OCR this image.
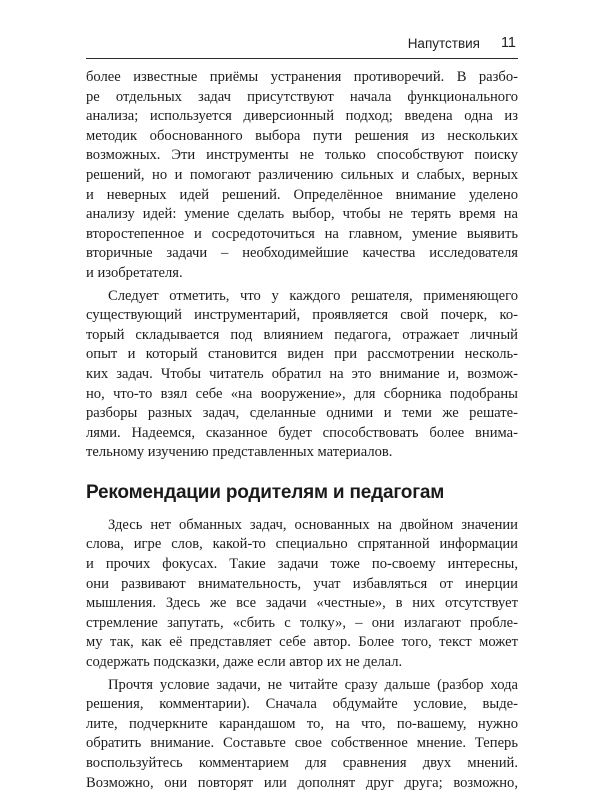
Напутствия 11
более известные приёмы устранения противоречий. В разбо-
ре отдельных задач присутствуют начала функционального
анализа; используется диверсионный подход; введена одна из
методик обоснованного выбора пути решения из нескольких
возможных. Эти инструменты не только способствуют поиску
решений, но и помогают различению сильных и слабых, верных
и неверных идей решений. Определённое внимание уделено
анализу идей: умение сделать выбор, чтобы не терять время на
второстепенное и сосредоточиться на главном, умение выявить
вторичные задачи – необходимейшие качества исследователя
и изобретателя.
Следует отметить, что у каждого решателя, применяющего
существующий инструментарий, проявляется свой почерк, ко-
торый складывается под влиянием педагога, отражает личный
опыт и который становится виден при рассмотрении несколь-
ких задач. Чтобы читатель обратил на это внимание и, возмож-
но, что-то взял себе «на вооружение», для сборника подобраны
разборы разных задач, сделанные одними и теми же решате-
лями. Надеемся, сказанное будет способствовать более внима-
тельному изучению представленных материалов.
Рекомендации родителям и педагогам
Здесь нет обманных задач, основанных на двойном значении
слова, игре слов, какой-то специально спрятанной информации
и прочих фокусах. Такие задачи тоже по-своему интересны,
они развивают внимательность, учат избавляться от инерции
мышления. Здесь же все задачи «честные», в них отсутствует
стремление запутать, «сбить с толку», – они излагают пробле-
му так, как её представляет себе автор. Более того, текст может
содержать подсказки, даже если автор их не делал.
Прочтя условие задачи, не читайте сразу дальше (разбор хода
решения, комментарии). Сначала обдумайте условие, выде-
лите, подчеркните карандашом то, на что, по-вашему, нужно
обратить внимание. Составьте свое собственное мнение. Теперь
воспользуйтесь комментарием для сравнения двух мнений.
Возможно, они повторят или дополнят друг друга; возможно,
